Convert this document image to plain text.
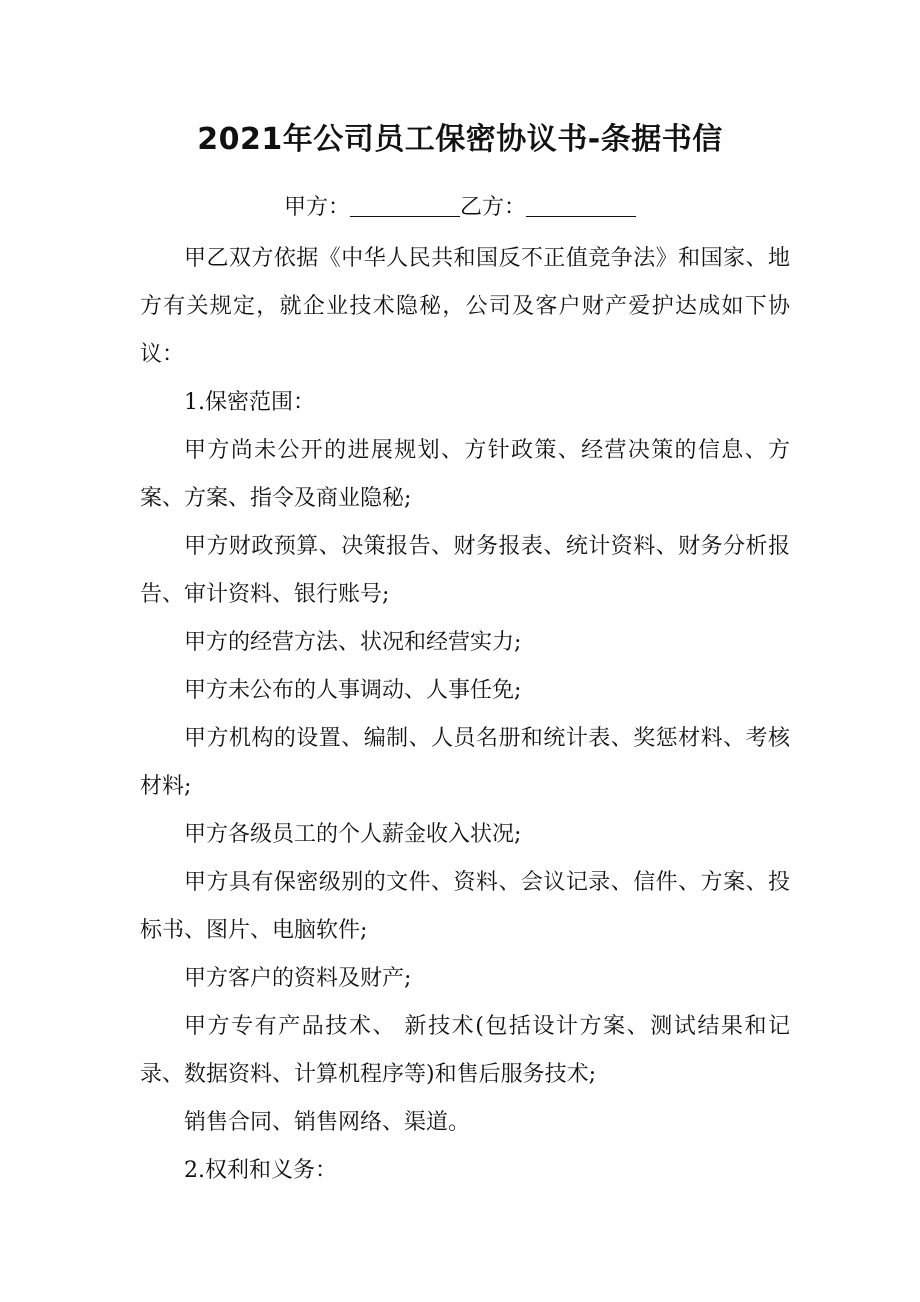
2021年公司员工保密协议书-条据书信
甲方：	乙方：

甲乙双方依据《中华人民共和国反不正值竞争法》和国家、地方有关规定，就企业技术隐秘，公司及客户财产爱护达成如下协议：

1.保密范围：

甲方尚未公开的进展规划、方针政策、经营决策的信息、方案、方案、指令及商业隐秘;

甲方财政预算、决策报告、财务报表、统计资料、财务分析报告、审计资料、银行账号;

甲方的经营方法、状况和经营实力;

甲方未公布的人事调动、人事任免;

甲方机构的设置、编制、人员名册和统计表、奖惩材料、考核材料;

甲方各级员工的个人薪金收入状况;

甲方具有保密级别的文件、资料、会议记录、信件、方案、投标书、图片、电脑软件;

甲方客户的资料及财产;

甲方专有产品技术、 新技术(包括设计方案、测试结果和记录、数据资料、计算机程序等)和售后服务技术;

销售合同、销售网络、渠道。

2.权利和义务：
